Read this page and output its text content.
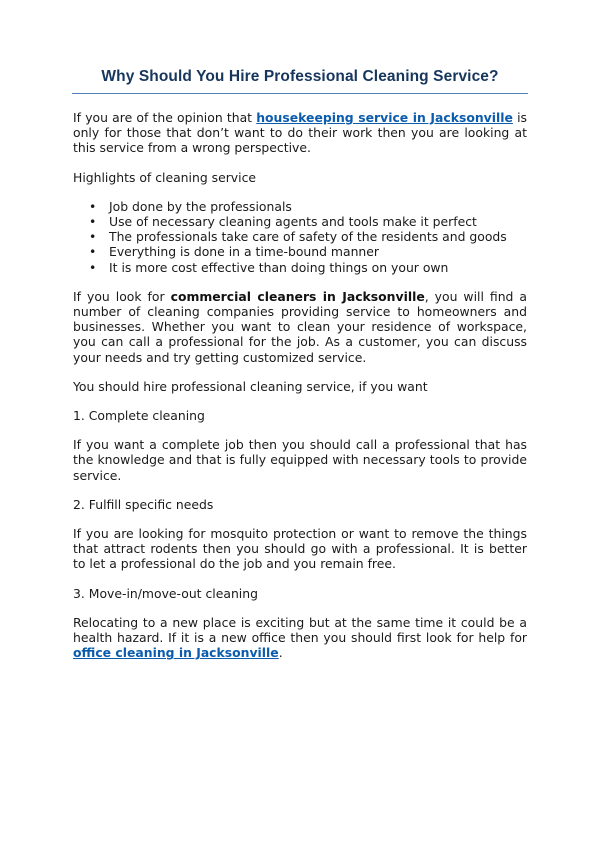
Why Should You Hire Professional Cleaning Service?

If you are of the opinion that housekeeping service in Jacksonville is only for those that don’t want to do their work then you are looking at this service from a wrong perspective.

Highlights of cleaning service

• Job done by the professionals
• Use of necessary cleaning agents and tools make it perfect
• The professionals take care of safety of the residents and goods
• Everything is done in a time-bound manner
• It is more cost effective than doing things on your own

If you look for commercial cleaners in Jacksonville, you will find a number of cleaning companies providing service to homeowners and businesses. Whether you want to clean your residence of workspace, you can call a professional for the job. As a customer, you can discuss your needs and try getting customized service.

You should hire professional cleaning service, if you want

1. Complete cleaning

If you want a complete job then you should call a professional that has the knowledge and that is fully equipped with necessary tools to provide service.

2. Fulfill specific needs

If you are looking for mosquito protection or want to remove the things that attract rodents then you should go with a professional. It is better to let a professional do the job and you remain free.

3. Move-in/move-out cleaning

Relocating to a new place is exciting but at the same time it could be a health hazard. If it is a new office then you should first look for help for office cleaning in Jacksonville.
